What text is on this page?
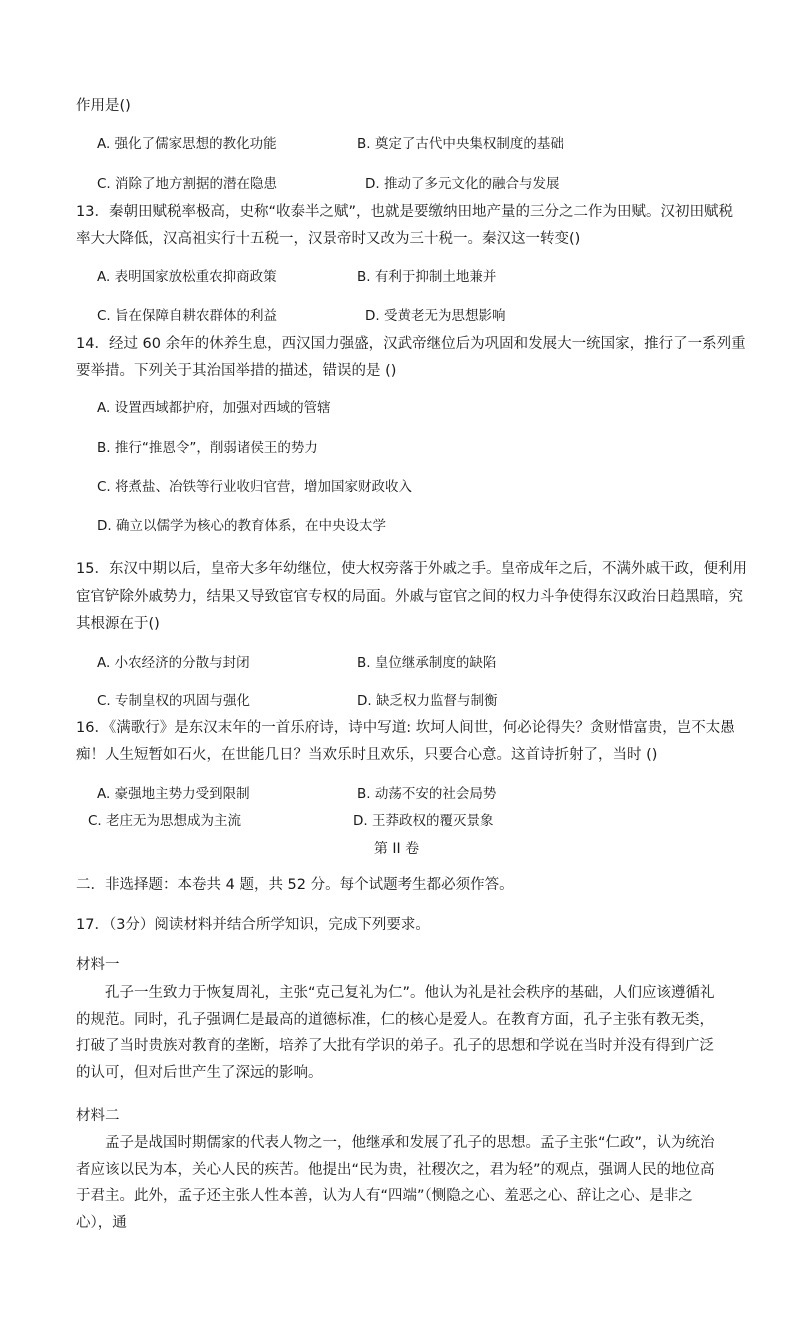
作用是()
A. 强化了儒家思想的教化功能	B. 奠定了古代中央集权制度的基础
C. 消除了地方割据的潜在隐患	D. 推动了多元文化的融合与发展
13．秦朝田赋税率极高，史称“收泰半之赋”，也就是要缴纳田地产量的三分之二作为田赋。汉初田赋税
率大大降低，汉高祖实行十五税一，汉景帝时又改为三十税一。秦汉这一转变()
A. 表明国家放松重农抑商政策	B. 有利于抑制土地兼并
C. 旨在保障自耕农群体的利益	D. 受黄老无为思想影响
14．经过 60 余年的休养生息，西汉国力强盛，汉武帝继位后为巩固和发展大一统国家，推行了一系列重
要举措。下列关于其治国举措的描述，错误的是 ()
A. 设置西域都护府，加强对西域的管辖
B. 推行“推恩令”，削弱诸侯王的势力
C. 将煮盐、冶铁等行业收归官营，增加国家财政收入
D. 确立以儒学为核心的教育体系，在中央设太学
15．东汉中期以后，皇帝大多年幼继位，使大权旁落于外戚之手。皇帝成年之后，不满外戚干政，便利用
宦官铲除外戚势力，结果又导致宦官专权的局面。外戚与宦官之间的权力斗争使得东汉政治日趋黑暗，究
其根源在于()
A. 小农经济的分散与封闭	B. 皇位继承制度的缺陷
C. 专制皇权的巩固与强化	D. 缺乏权力监督与制衡
16．《满歌行》是东汉末年的一首乐府诗，诗中写道: 坎坷人间世，何必论得失？贪财惜富贵，岂不太愚
痴！人生短暂如石火，在世能几日？当欢乐时且欢乐，只要合心意。这首诗折射了，当时 ()
A. 豪强地主势力受到限制	B. 动荡不安的社会局势
C. 老庄无为思想成为主流	D. 王莽政权的覆灭景象
第 II 卷
二．非选择题：本卷共 4 题，共 52 分。每个试题考生都必须作答。
17．（3分）阅读材料并结合所学知识，完成下列要求。
材料一
孔子一生致力于恢复周礼，主张“克己复礼为仁”。他认为礼是社会秩序的基础，人们应该遵循礼的规范。同时，孔子强调仁是最高的道德标准，仁的核心是爱人。在教育方面，孔子主张有教无类，打破了当时贵族对教育的垄断，培养了大批有学识的弟子。孔子的思想和学说在当时并没有得到广泛的认可，但对后世产生了深远的影响。
材料二
孟子是战国时期儒家的代表人物之一，他继承和发展了孔子的思想。孟子主张“仁政”，认为统治者应该以民为本，关心人民的疾苦。他提出“民为贵，社稷次之，君为轻”的观点，强调人民的地位高于君主。此外，孟子还主张人性本善，认为人有“四端”（恻隐之心、羞恶之心、辞让之心、是非之心），通
